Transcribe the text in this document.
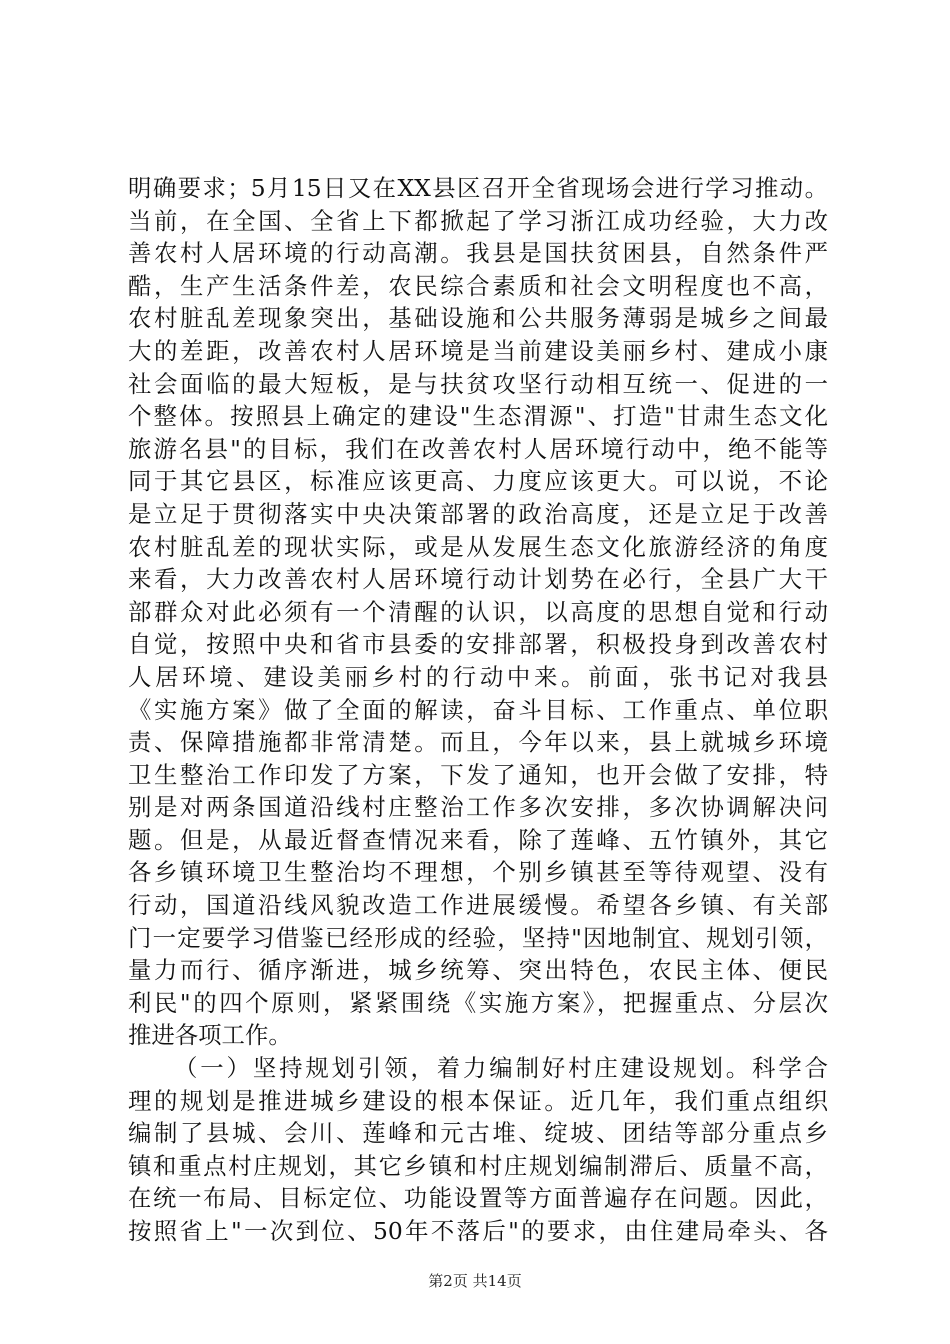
明确要求；5月15日又在XX县区召开全省现场会进行学习推动。
当前，在全国、全省上下都掀起了学习浙江成功经验，大力改
善农村人居环境的行动高潮。我县是国扶贫困县，自然条件严
酷，生产生活条件差，农民综合素质和社会文明程度也不高，
农村脏乱差现象突出，基础设施和公共服务薄弱是城乡之间最
大的差距，改善农村人居环境是当前建设美丽乡村、建成小康
社会面临的最大短板，是与扶贫攻坚行动相互统一、促进的一
个整体。按照县上确定的建设"生态渭源"、打造"甘肃生态文化
旅游名县"的目标，我们在改善农村人居环境行动中，绝不能等
同于其它县区，标准应该更高、力度应该更大。可以说，不论
是立足于贯彻落实中央决策部署的政治高度，还是立足于改善
农村脏乱差的现状实际，或是从发展生态文化旅游经济的角度
来看，大力改善农村人居环境行动计划势在必行，全县广大干
部群众对此必须有一个清醒的认识，以高度的思想自觉和行动
自觉，按照中央和省市县委的安排部署，积极投身到改善农村
人居环境、建设美丽乡村的行动中来。前面，张书记对我县
《实施方案》做了全面的解读，奋斗目标、工作重点、单位职
责、保障措施都非常清楚。而且，今年以来，县上就城乡环境
卫生整治工作印发了方案，下发了通知，也开会做了安排，特
别是对两条国道沿线村庄整治工作多次安排，多次协调解决问
题。但是，从最近督查情况来看，除了莲峰、五竹镇外，其它
各乡镇环境卫生整治均不理想，个别乡镇甚至等待观望、没有
行动，国道沿线风貌改造工作进展缓慢。希望各乡镇、有关部
门一定要学习借鉴已经形成的经验，坚持"因地制宜、规划引领，
量力而行、循序渐进，城乡统筹、突出特色，农民主体、便民
利民"的四个原则，紧紧围绕《实施方案》，把握重点、分层次
推进各项工作。
（一）坚持规划引领，着力编制好村庄建设规划。科学合
理的规划是推进城乡建设的根本保证。近几年，我们重点组织
编制了县城、会川、莲峰和元古堆、绽坡、团结等部分重点乡
镇和重点村庄规划，其它乡镇和村庄规划编制滞后、质量不高，
在统一布局、目标定位、功能设置等方面普遍存在问题。因此，
按照省上"一次到位、50年不落后"的要求，由住建局牵头、各
第2页 共14页
